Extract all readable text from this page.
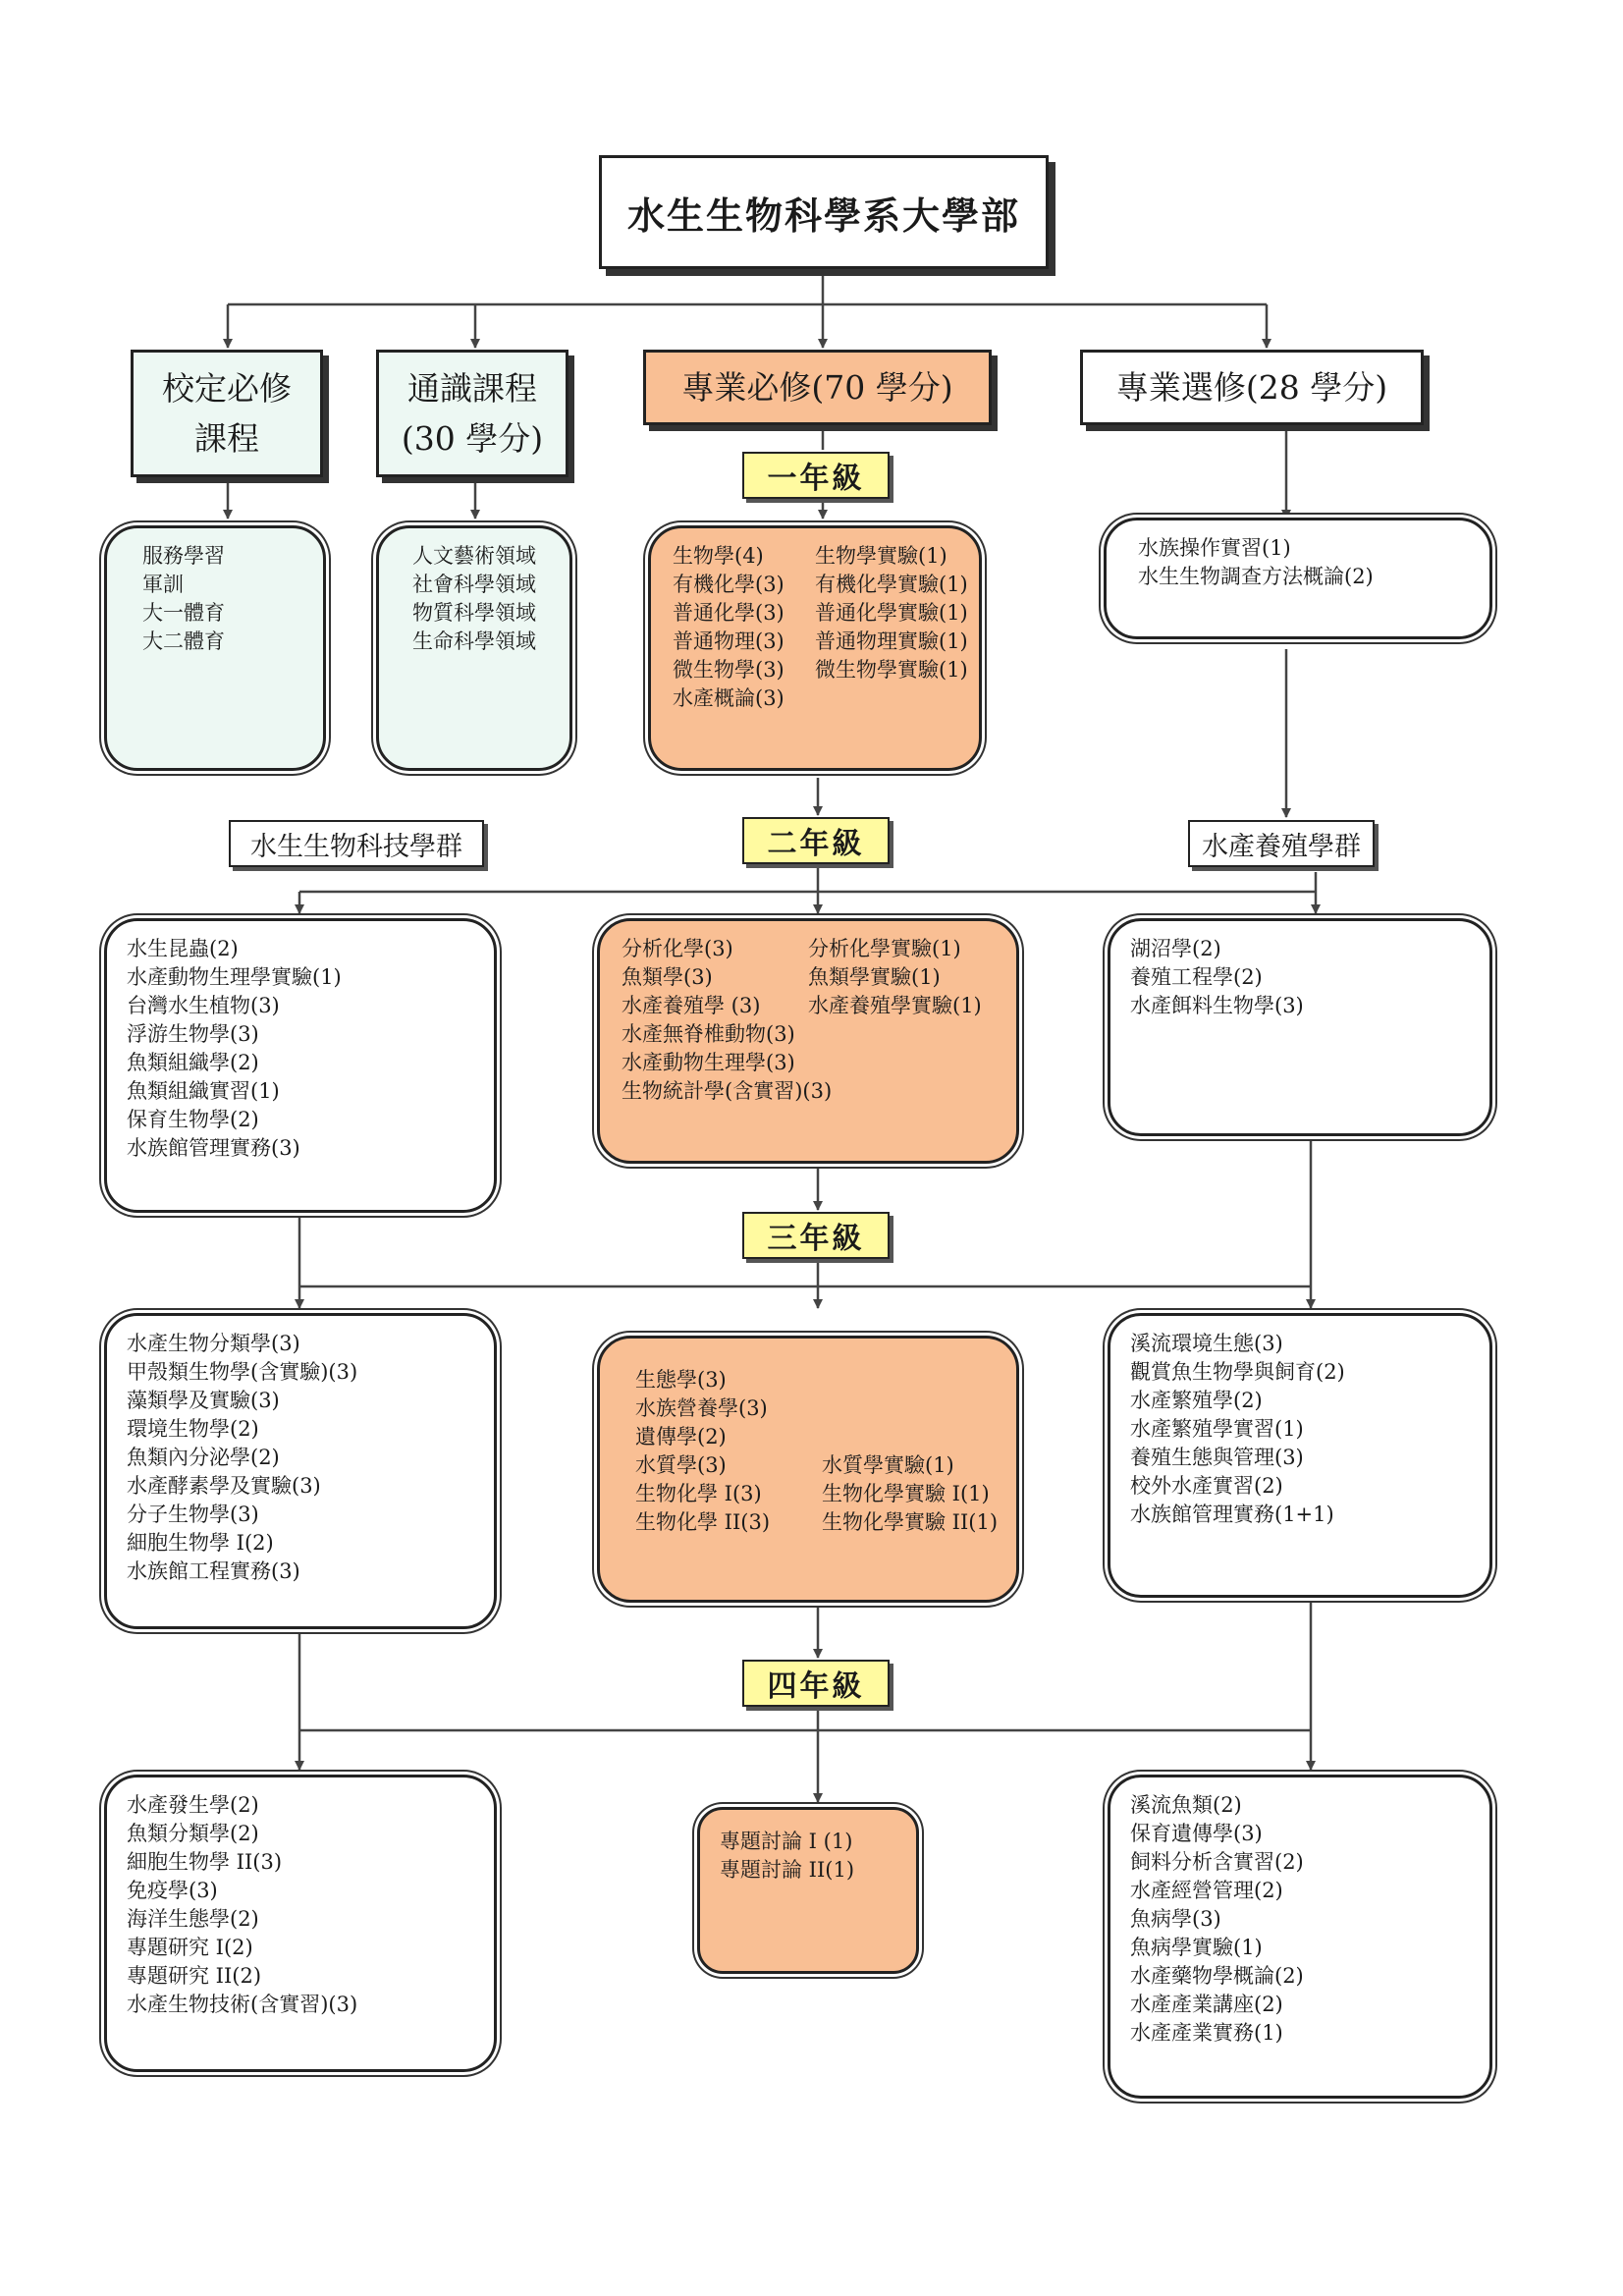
水生生物科學系大學部
校定必修
課程
通識課程
(30 學分)
專業必修(70 學分)	專業選修(28 學分)
一年級
二年級
三年級
四年級
水生生物科技學群	水產養殖學群
服務學習
軍訓
大一體育
大二體育
人文藝術領域
社會科學領域
物質科學領域
生命科學領域
生物學(4)	生物學實驗(1)
有機化學(3)	有機化學實驗(1)
普通化學(3)	普通化學實驗(1)
普通物理(3)	普通物理實驗(1)
微生物學(3)	微生物學實驗(1)
水產概論(3)
水族操作實習(1)
水生生物調查方法概論(2)
水生昆蟲(2)
水產動物生理學實驗(1)
台灣水生植物(3)
浮游生物學(3)
魚類組織學(2)
魚類組織實習(1)
保育生物學(2)
水族館管理實務(3)
分析化學(3)	分析化學實驗(1)
魚類學(3)	魚類學實驗(1)
水產養殖學 (3)	水產養殖學實驗(1)
水產無脊椎動物(3)
水產動物生理學(3)
生物統計學(含實習)(3)
湖沼學(2)
養殖工程學(2)
水產餌料生物學(3)
水產生物分類學(3)
甲殼類生物學(含實驗)(3)
藻類學及實驗(3)
環境生物學(2)
魚類內分泌學(2)
水產酵素學及實驗(3)
分子生物學(3)
細胞生物學 I(2)
水族館工程實務(3)
生態學(3)
水族營養學(3)
遺傳學(2)
水質學(3)	水質學實驗(1)
生物化學 I(3)	生物化學實驗 I(1)
生物化學 II(3)	生物化學實驗 II(1)
溪流環境生態(3)
觀賞魚生物學與飼育(2)
水產繁殖學(2)
水產繁殖學實習(1)
養殖生態與管理(3)
校外水產實習(2)
水族館管理實務(1+1)
水產發生學(2)
魚類分類學(2)
細胞生物學 II(3)
免疫學(3)
海洋生態學(2)
專題研究 I(2)
專題研究 II(2)
水產生物技術(含實習)(3)
專題討論 I (1)
專題討論 II(1)
溪流魚類(2)
保育遺傳學(3)
飼料分析含實習(2)
水產經營管理(2)
魚病學(3)
魚病學實驗(1)
水產藥物學概論(2)
水產產業講座(2)
水產產業實務(1)
